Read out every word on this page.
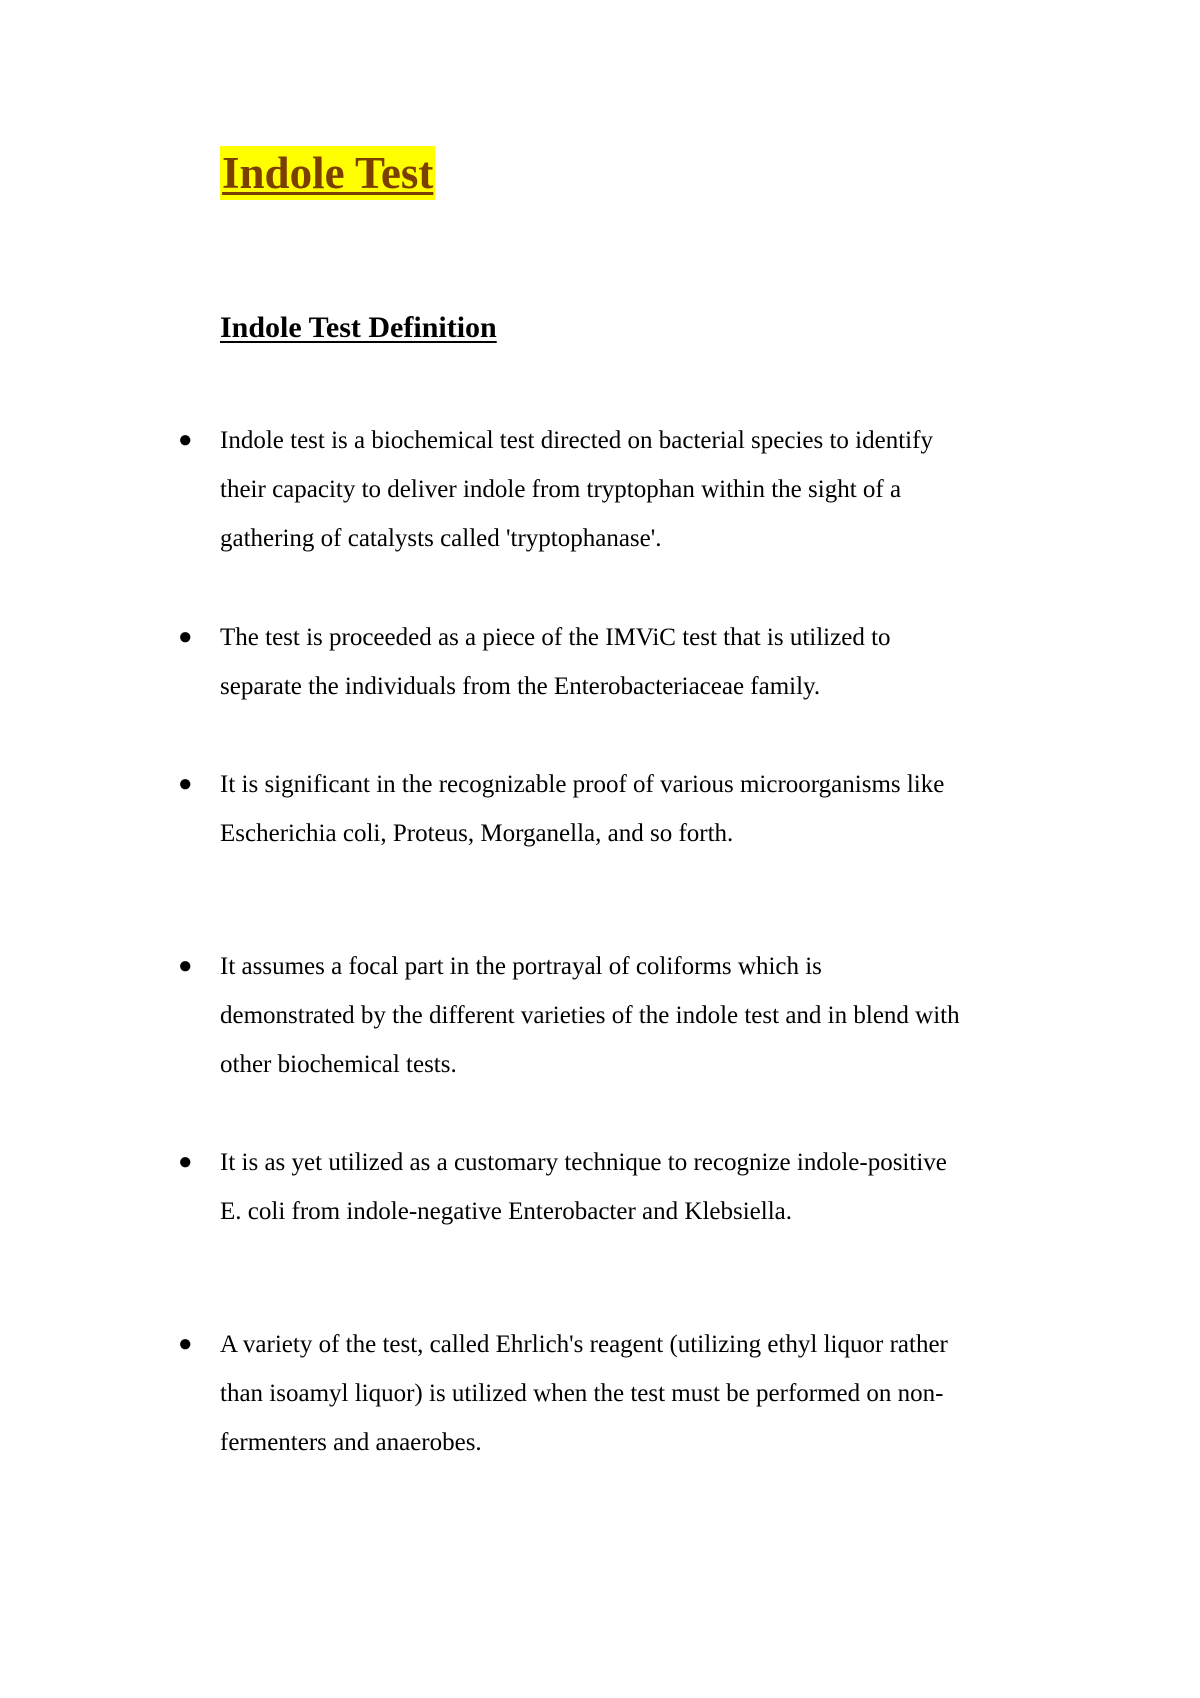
Indole Test
Indole Test Definition
●	Indole test is a biochemical test directed on bacterial species to identify
their capacity to deliver indole from tryptophan within the sight of a
gathering of catalysts called 'tryptophanase'.
●	The test is proceeded as a piece of the IMViC test that is utilized to
separate the individuals from the Enterobacteriaceae family.
●	It is significant in the recognizable proof of various microorganisms like
Escherichia coli, Proteus, Morganella, and so forth.
●	It assumes a focal part in the portrayal of coliforms which is
demonstrated by the different varieties of the indole test and in blend with
other biochemical tests.
●	It is as yet utilized as a customary technique to recognize indole-positive
E. coli from indole-negative Enterobacter and Klebsiella.
●	A variety of the test, called Ehrlich's reagent (utilizing ethyl liquor rather
than isoamyl liquor) is utilized when the test must be performed on non-
fermenters and anaerobes.
